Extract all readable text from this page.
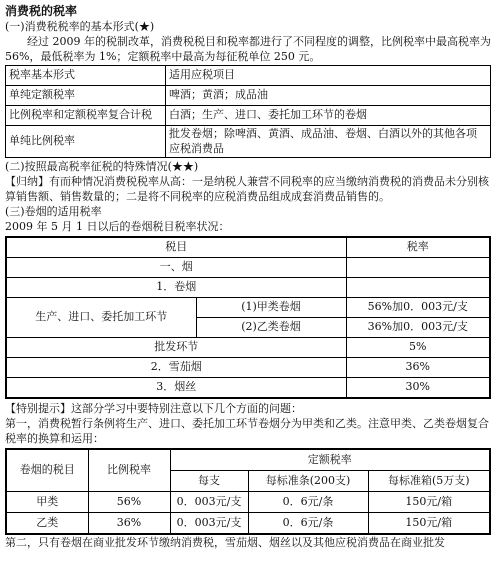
消费税的税率

(一)消费税税率的基本形式(★)

经过 2009 年的税制改革，消费税税目和税率都进行了不同程度的调整，比例税率中最高税率为56%，最低税率为 1%；定额税率中最高为每征税单位 250 元。

税率基本形式	适用应税项目
单纯定额税率	啤酒；黄酒；成品油
比例税率和定额税率复合计税	白酒；生产、进口、委托加工环节的卷烟
单纯比例税率	批发卷烟；除啤酒、黄酒、成品油、卷烟、白酒以外的其他各项应税消费品

(二)按照最高税率征税的特殊情况(★★)

【归纳】有而种情况消费税税率从高：一是纳税人兼营不同税率的应当缴纳消费税的消费品未分别核算销售额、销售数量的；二是将不同税率的应税消费品组成成套消费品销售的。

(三)卷烟的适用税率

2009 年 5 月 1 日以后的卷烟税目税率状况：

税目		税率
一、烟		
1．卷烟		
生产、进口、委托加工环节	(1)甲类卷烟	56%加0．003元/支
	(2)乙类卷烟	36%加0．003元/支
批发环节		5%
2．雪茄烟		36%
3．烟丝		30%

【特别提示】这部分学习中要特别注意以下几个方面的问题：

第一，消费税暂行条例将生产、进口、委托加工环节卷烟分为甲类和乙类。注意甲类、乙类卷烟复合税率的换算和运用：

卷烟的税目	比例税率	定额税率		
		每支	每标准条(200支)	每标准箱(5万支)
甲类	56%	0．003元/支	0．6元/条	150元/箱
乙类	36%	0．003元/支	0．6元/条	150元/箱

第二，只有卷烟在商业批发环节缴纳消费税，雪茄烟、烟丝以及其他应税消费品在商业批发
